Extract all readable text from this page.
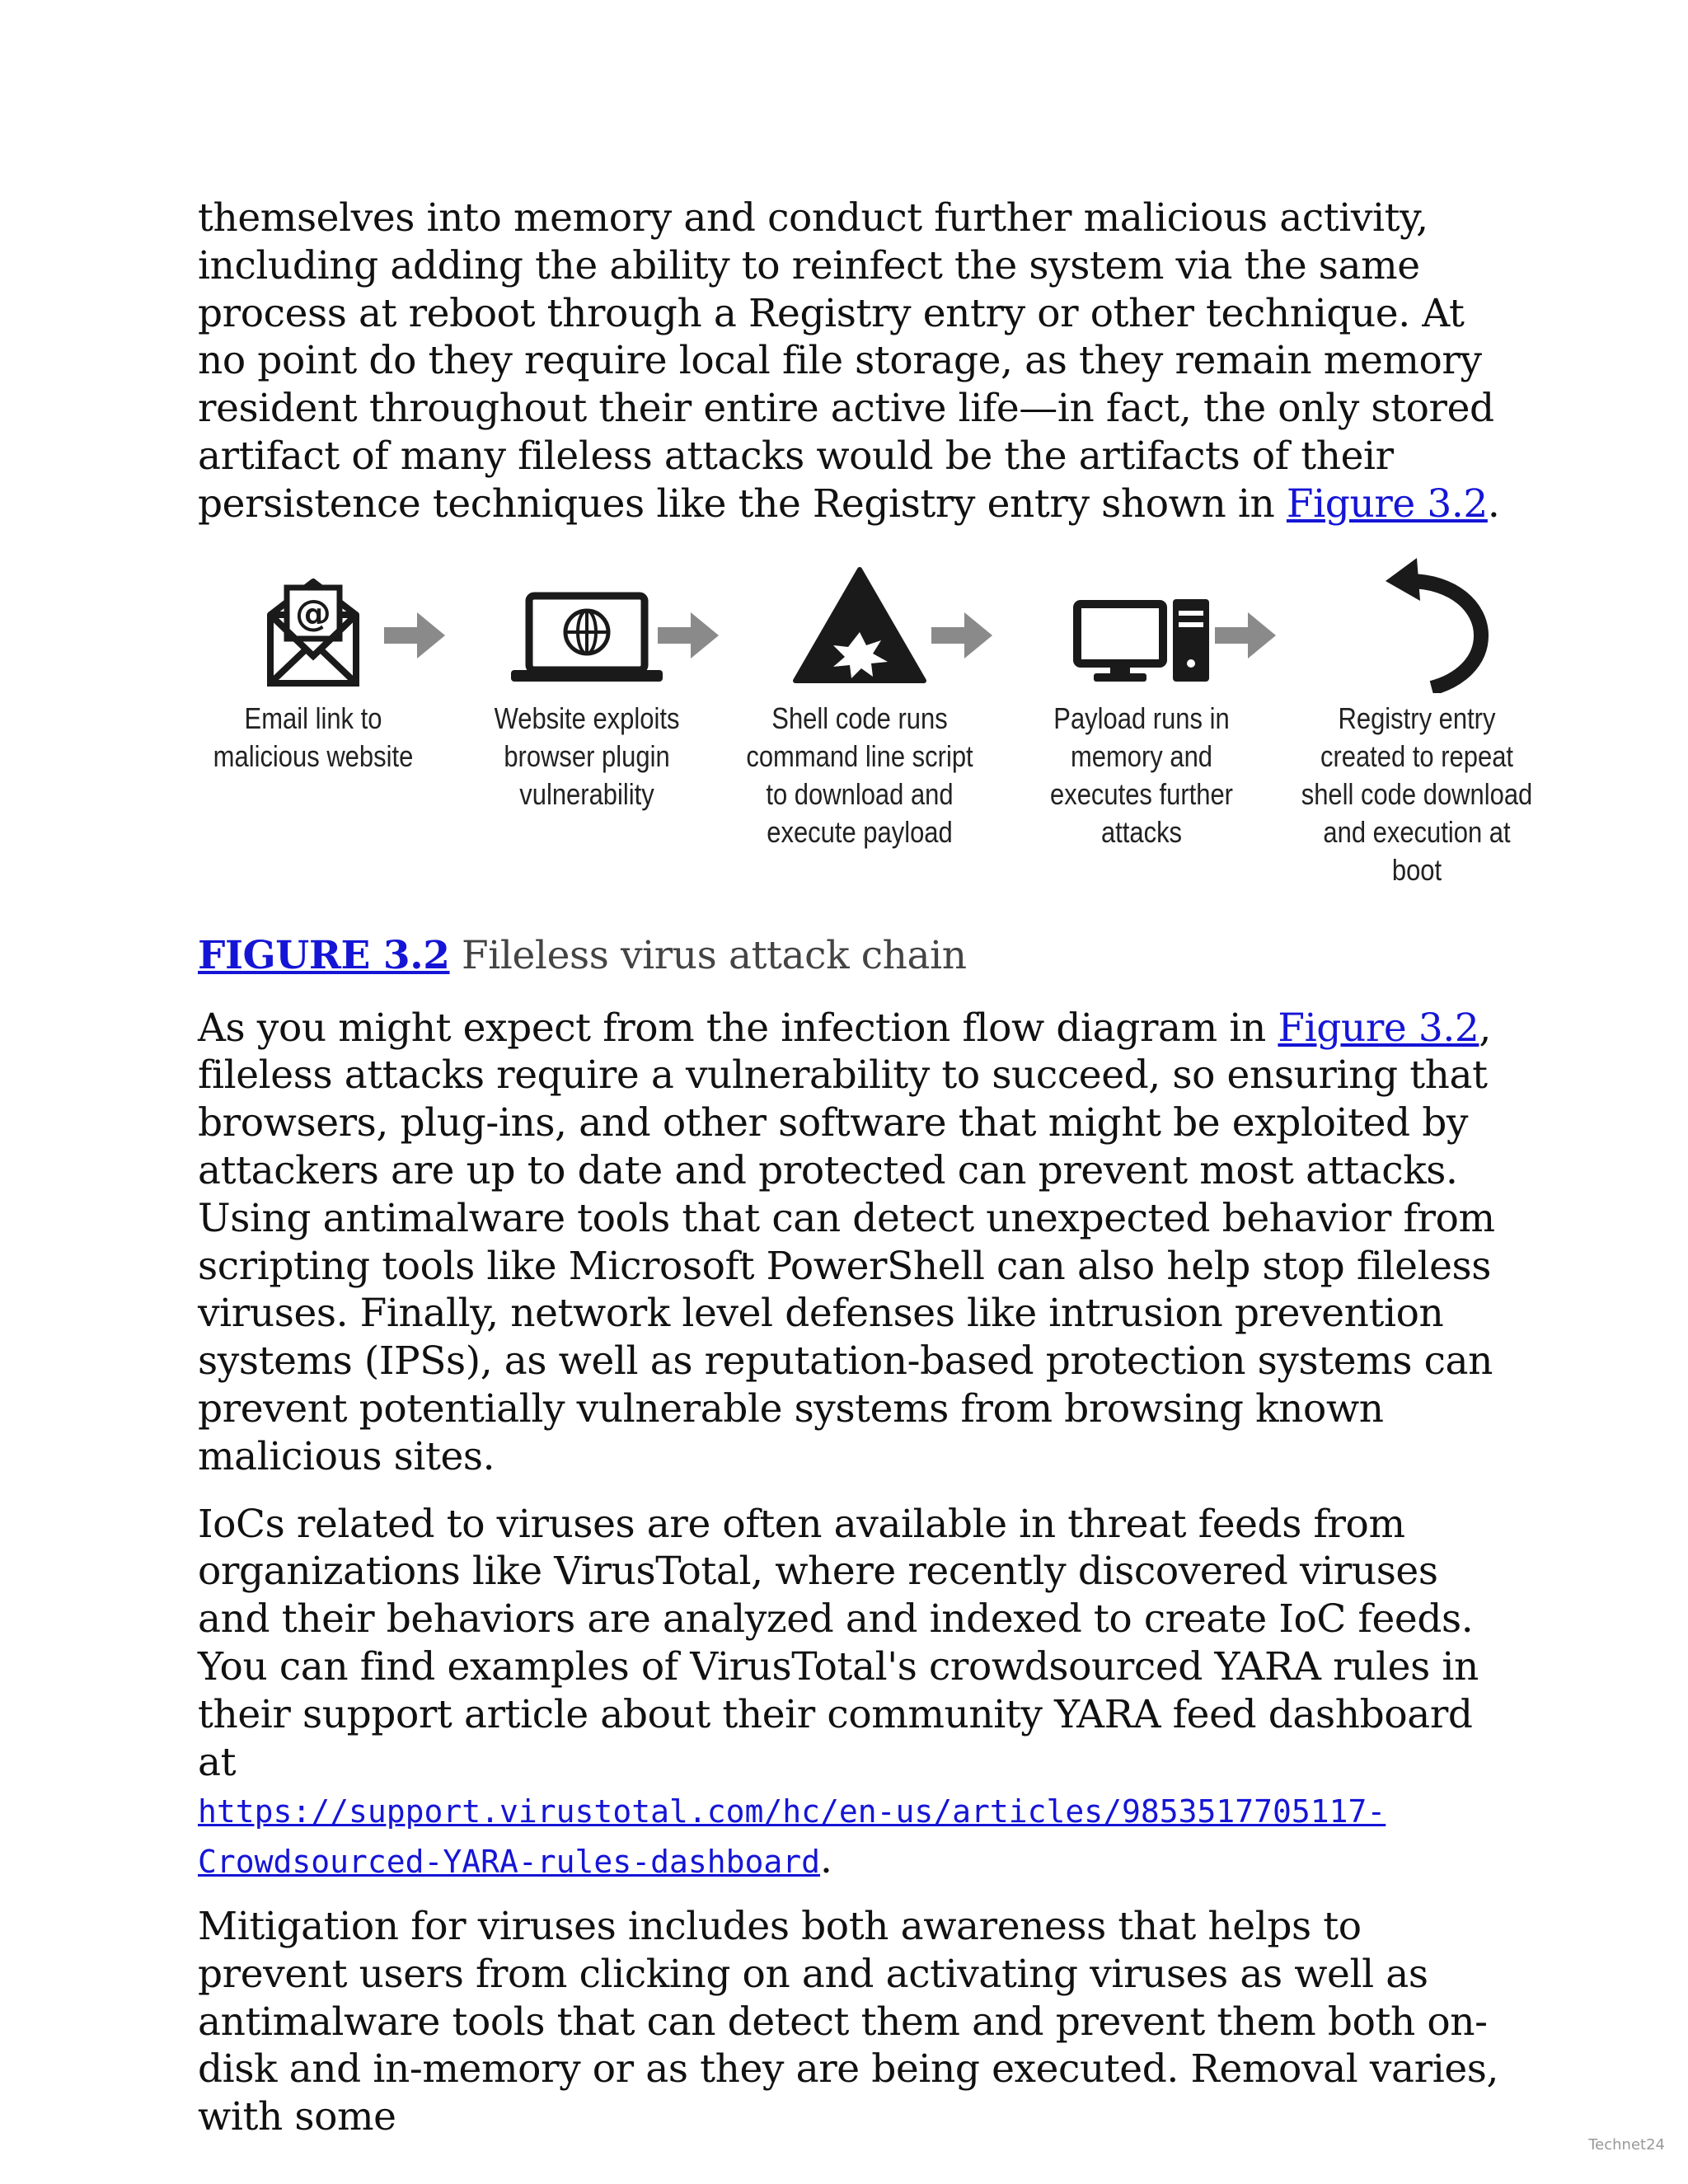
themselves into memory and conduct further malicious activity, including adding the ability to reinfect the system via the same process at reboot through a Registry entry or other technique. At no point do they require local file storage, as they remain memory resident throughout their entire active life—in fact, the only stored artifact of many fileless attacks would be the artifacts of their persistence techniques like the Registry entry shown in Figure 3.2.

@

Email link to malicious website

Website exploits browser plugin vulnerability

Shell code runs command line script to download and execute payload

Payload runs in memory and executes further attacks

Registry entry created to repeat shell code download and execution at boot

FIGURE 3.2 Fileless virus attack chain

As you might expect from the infection flow diagram in Figure 3.2, fileless attacks require a vulnerability to succeed, so ensuring that browsers, plug-ins, and other software that might be exploited by attackers are up to date and protected can prevent most attacks. Using antimalware tools that can detect unexpected behavior from scripting tools like Microsoft PowerShell can also help stop fileless viruses. Finally, network level defenses like intrusion prevention systems (IPSs), as well as reputation-based protection systems can prevent potentially vulnerable systems from browsing known malicious sites.

IoCs related to viruses are often available in threat feeds from organizations like VirusTotal, where recently discovered viruses and their behaviors are analyzed and indexed to create IoC feeds. You can find examples of VirusTotal's crowdsourced YARA rules in their support article about their community YARA feed dashboard at
https://support.virustotal.com/hc/en-us/articles/9853517705117-
Crowdsourced-YARA-rules-dashboard.

Mitigation for viruses includes both awareness that helps to prevent users from clicking on and activating viruses as well as antimalware tools that can detect them and prevent them both on-disk and in-memory or as they are being executed. Removal varies, with some

Technet24
